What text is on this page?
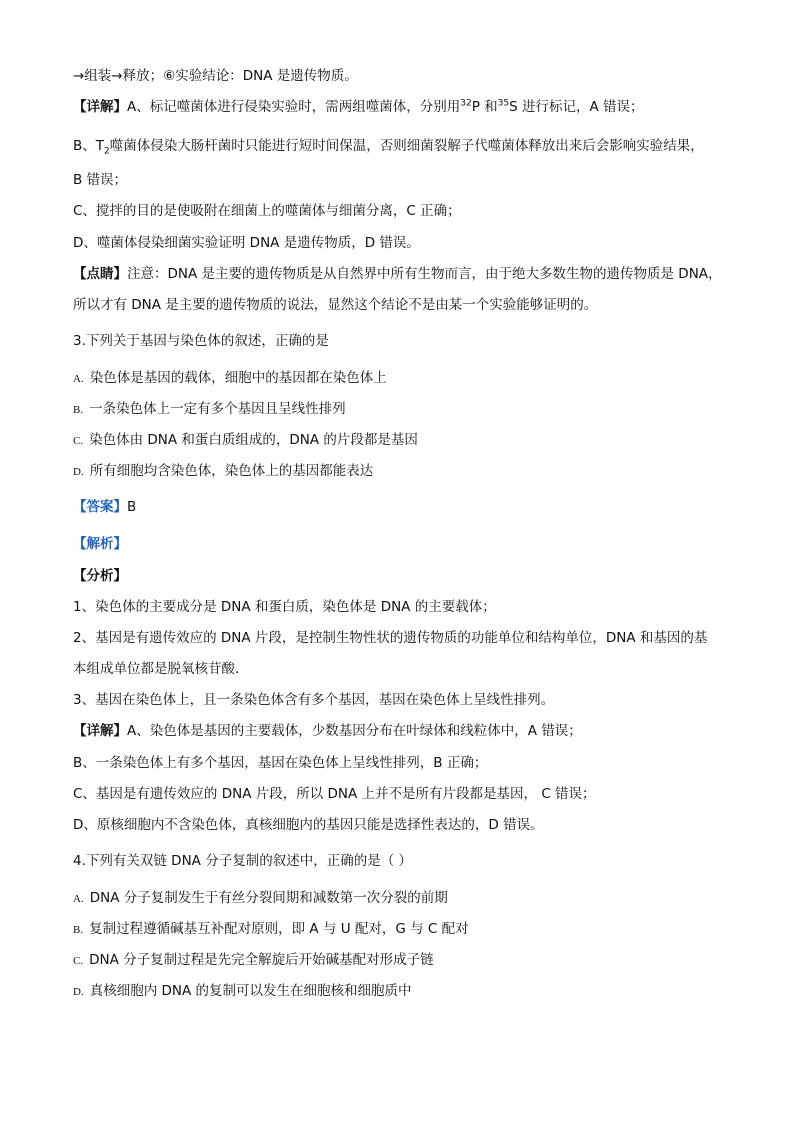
→组装→释放；⑥实验结论：DNA 是遗传物质。
【详解】A、标记噬菌体进行侵染实验时，需两组噬菌体，分别用$^{32}$P 和$^{35}$S 进行标记，A 错误；
B、$T_2$噬菌体侵染大肠杆菌时只能进行短时间保温，否则细菌裂解子代噬菌体释放出来后会影响实验结果，
B 错误；
C、搅拌的目的是使吸附在细菌上的噬菌体与细菌分离，C 正确；
D、噬菌体侵染细菌实验证明 DNA 是遗传物质，D 错误。
【点睛】注意：DNA 是主要的遗传物质是从自然界中所有生物而言，由于绝大多数生物的遗传物质是 DNA，
所以才有 DNA 是主要的遗传物质的说法，显然这个结论不是由某一个实验能够证明的。
3.下列关于基因与染色体的叙述，正确的是
A. 染色体是基因的载体，细胞中的基因都在染色体上
B. 一条染色体上一定有多个基因且呈线性排列
C. 染色体由 DNA 和蛋白质组成的，DNA 的片段都是基因
D. 所有细胞均含染色体，染色体上的基因都能表达
【答案】B
【解析】
【分析】
1、染色体的主要成分是 DNA 和蛋白质，染色体是 DNA 的主要载体；
2、基因是有遗传效应的 DNA 片段，是控制生物性状的遗传物质的功能单位和结构单位，DNA 和基因的基
本组成单位都是脱氧核苷酸．
3、基因在染色体上，且一条染色体含有多个基因，基因在染色体上呈线性排列。
【详解】A、染色体是基因的主要载体，少数基因分布在叶绿体和线粒体中，A 错误；
B、一条染色体上有多个基因，基因在染色体上呈线性排列，B 正确；
C、基因是有遗传效应的 DNA 片段，所以 DNA 上并不是所有片段都是基因， C 错误；
D、原核细胞内不含染色体，真核细胞内的基因只能是选择性表达的，D 错误。
4.下列有关双链 DNA 分子复制的叙述中，正确的是（ ）
A. DNA 分子复制发生于有丝分裂间期和减数第一次分裂的前期
B. 复制过程遵循碱基互补配对原则，即 A 与 U 配对，G 与 C 配对
C. DNA 分子复制过程是先完全解旋后开始碱基配对形成子链
D. 真核细胞内 DNA 的复制可以发生在细胞核和细胞质中
